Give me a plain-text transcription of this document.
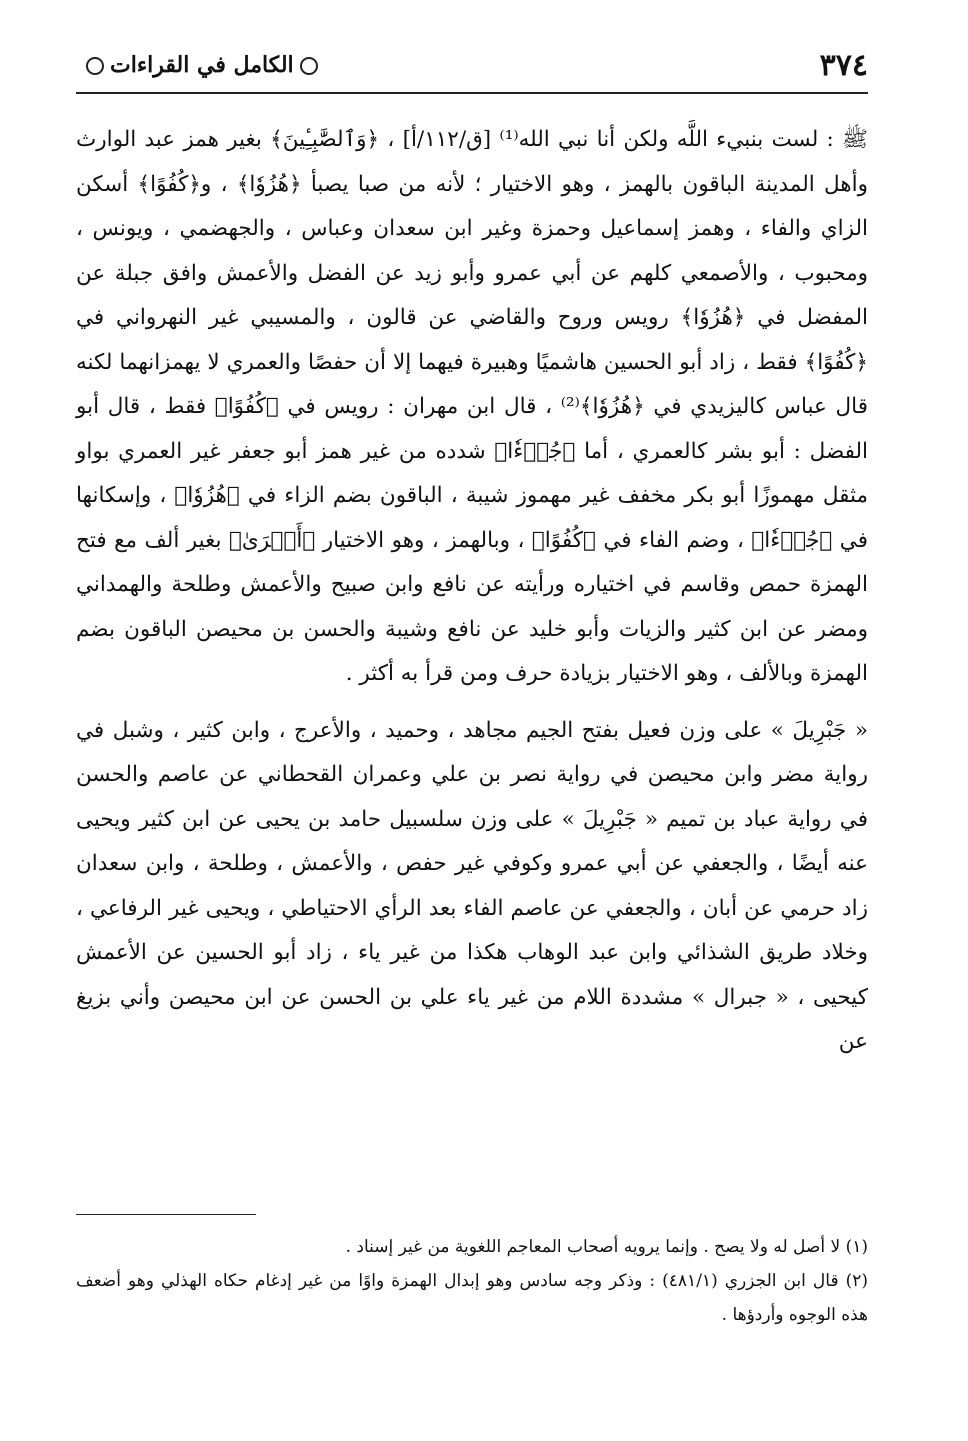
٣٧٤
الكامل في القراءات

ﷺ : لست بنبيء اللَّه ولكن أنا نبي الله⁽¹⁾ [ق/١١٢/أ] ، ﴿وَٱلصَّٰبِـِٔينَ﴾ بغير همز عبد الوارث وأهل المدينة الباقون بالهمز ، وهو الاختيار ؛ لأنه من صبا يصبأ ﴿هُزُوٗا﴾ ، و﴿كُفُوًا﴾ أسكن الزاي والفاء ، وهمز إسماعيل وحمزة وغير ابن سعدان وعباس ، والجهضمي ، ويونس ، ومحبوب ، والأصمعي كلهم عن أبي عمرو وأبو زيد عن الفضل والأعمش وافق جبلة عن المفضل في ﴿هُزُوٗا﴾ رويس وروح والقاضي عن قالون ، والمسيبي غير النهرواني في ﴿كُفُوًا﴾ فقط ، زاد أبو الحسين هاشميًا وهبيرة فيهما إلا أن حفصًا والعمري لا يهمزانهما لكنه قال عباس كاليزيدي في ﴿هُزُوٗا﴾⁽²⁾ ، قال ابن مهران : رويس في ﴿كُفُوًا﴾ فقط ، قال أبو الفضل : أبو بشر كالعمري ، أما ﴿جُزۡءٗا﴾ شدده من غير همز أبو جعفر غير العمري بواو مثقل مهموزًا أبو بكر مخفف غير مهموز شيبة ، الباقون بضم الزاء في ﴿هُزُوٗا﴾ ، وإسكانها في ﴿جُزۡءٗا﴾ ، وضم الفاء في ﴿كُفُوًا﴾ ، وبالهمز ، وهو الاختيار ﴿أَسۡرَىٰ﴾ بغير ألف مع فتح الهمزة حمص وقاسم في اختياره ورأيته عن نافع وابن صبيح والأعمش وطلحة والهمداني ومضر عن ابن كثير والزيات وأبو خليد عن نافع وشيبة والحسن بن محيصن الباقون بضم الهمزة وبالألف ، وهو الاختيار بزيادة حرف ومن قرأ به أكثر .

« جَبْرِيلَ » على وزن فعيل بفتح الجيم مجاهد ، وحميد ، والأعرج ، وابن كثير ، وشبل في رواية مضر وابن محيصن في رواية نصر بن علي وعمران القحطاني عن عاصم والحسن في رواية عباد بن تميم « جَبْرِيلَ » على وزن سلسبيل حامد بن يحيى عن ابن كثير ويحيى عنه أيضًا ، والجعفي عن أبي عمرو وكوفي غير حفص ، والأعمش ، وطلحة ، وابن سعدان زاد حرمي عن أبان ، والجعفي عن عاصم الفاء بعد الرأي الاحتياطي ، ويحيى غير الرفاعي ، وخلاد طريق الشذائي وابن عبد الوهاب هكذا من غير ياء ، زاد أبو الحسين عن الأعمش كيحيى ، « جبرال » مشددة اللام من غير ياء علي بن الحسن عن ابن محيصن وأني بزيغ عن

(١) لا أصل له ولا يصح . وإنما يرويه أصحاب المعاجم اللغوية من غير إسناد .

(٢) قال ابن الجزري (٤٨١/١) : وذكر وجه سادس وهو إبدال الهمزة واوًا من غير إدغام حكاه الهذلي وهو أضعف هذه الوجوه وأردؤها .
